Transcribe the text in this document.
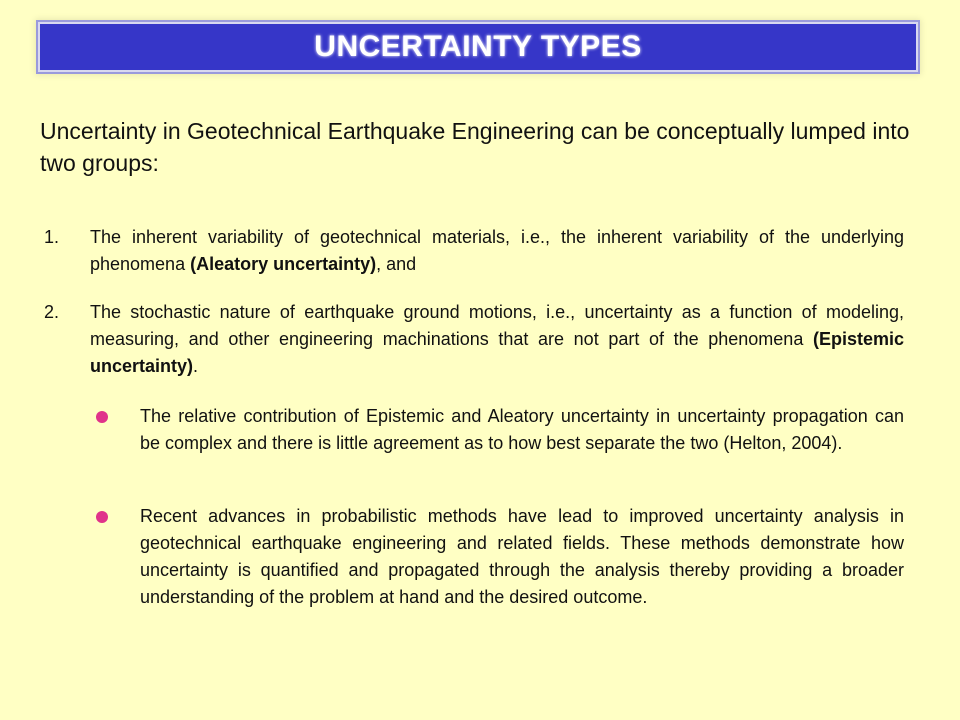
UNCERTAINTY TYPES
Uncertainty in Geotechnical Earthquake Engineering can be conceptually lumped into two groups:
1. The inherent variability of geotechnical materials, i.e., the inherent variability of the underlying phenomena (Aleatory uncertainty), and
2. The stochastic nature of earthquake ground motions, i.e., uncertainty as a function of modeling, measuring, and other engineering machinations that are not part of the phenomena (Epistemic uncertainty).
The relative contribution of Epistemic and Aleatory uncertainty in uncertainty propagation can be complex and there is little agreement as to how best separate the two (Helton, 2004).
Recent advances in probabilistic methods have lead to improved uncertainty analysis in geotechnical earthquake engineering and related fields. These methods demonstrate how uncertainty is quantified and propagated through the analysis thereby providing a broader understanding of the problem at hand and the desired outcome.
